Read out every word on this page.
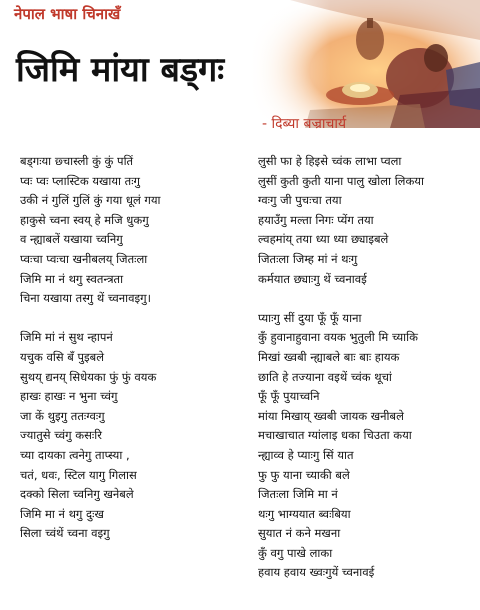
नेपाल भाषा चिनाखँ
जिमि मांया बड्गः
- दिब्या बज्राचार्य
बड्गःया छ्चास्ली कुं कुं पतिं
प्वः प्वः प्लास्टिक यखाया तःगु
उकी नं गुलिं गुलिं कुं गया धूलं गया
हाकुसे च्वना स्वय् हे मजि धुकगु
व न्ह्याबलें यखाया च्वनिगु
प्वःचा प्वःचा खनीबलय् जितःला
जिमि मा नं थगु स्वतन्त्रता
चिना यखाया तस्गु थें च्वनावइगु।
जिमि मां नं सुथ न्हापनं
यचुक वसि बँ पुइबले
सुथय् द्यनय् सिधेयका फुं फुं वयक
हाखः हाखः न भुना च्वंगु
जा कें थुइगु ततःग्वःगु
ज्यातुसे च्वंगु कसःरि
च्या दायका त्वनेगु ताप्स्या ,
चतं, धवः, स्टिल यागु गिलास
दक्को सिला च्वनिगु खनेबले
जिमि मा नं थगु दुःख
सिला च्वंथें च्वना वइगु
लुसी फा हे हिइसे च्वंक लाभा प्वला
लुसीं कुती कुती याना पालु खोला लिकया
ग्वःगु जी पुचःचा तया
हयाउँगु मल्ता निगः प्येंग तया
ल्वहमांय् तया ध्या ध्या छ्याइबले
जितःला जिम्ह मां नं थःगु
कर्मयात छ्याःगु थें च्वनावई
प्याःगु सीं दुया फूँ फूँ याना
कुँ हुवानाहुवाना वयक भुतुली मि च्याकि
मिखां ख्वबी न्ह्याबले बाः बाः हायक
छाति हे तज्याना वइथें च्वंक थूचां
फूँ फूँ पुयाच्वनि
मांया मिखाय् ख्वबी जायक खनीबले
मचाखाचात ग्यांलाइ धका चिउता कया
न्ह्याव्व हे प्याःगु सिं यात
फु फु याना च्याकी बले
जितःला जिमि मा नं
थःगु भाग्ययात ब्वःबिया
सुयात नं कने मखना
कुँ वगु पाखे लाका
हवाय हवाय ख्वःगुयें च्वनावई
